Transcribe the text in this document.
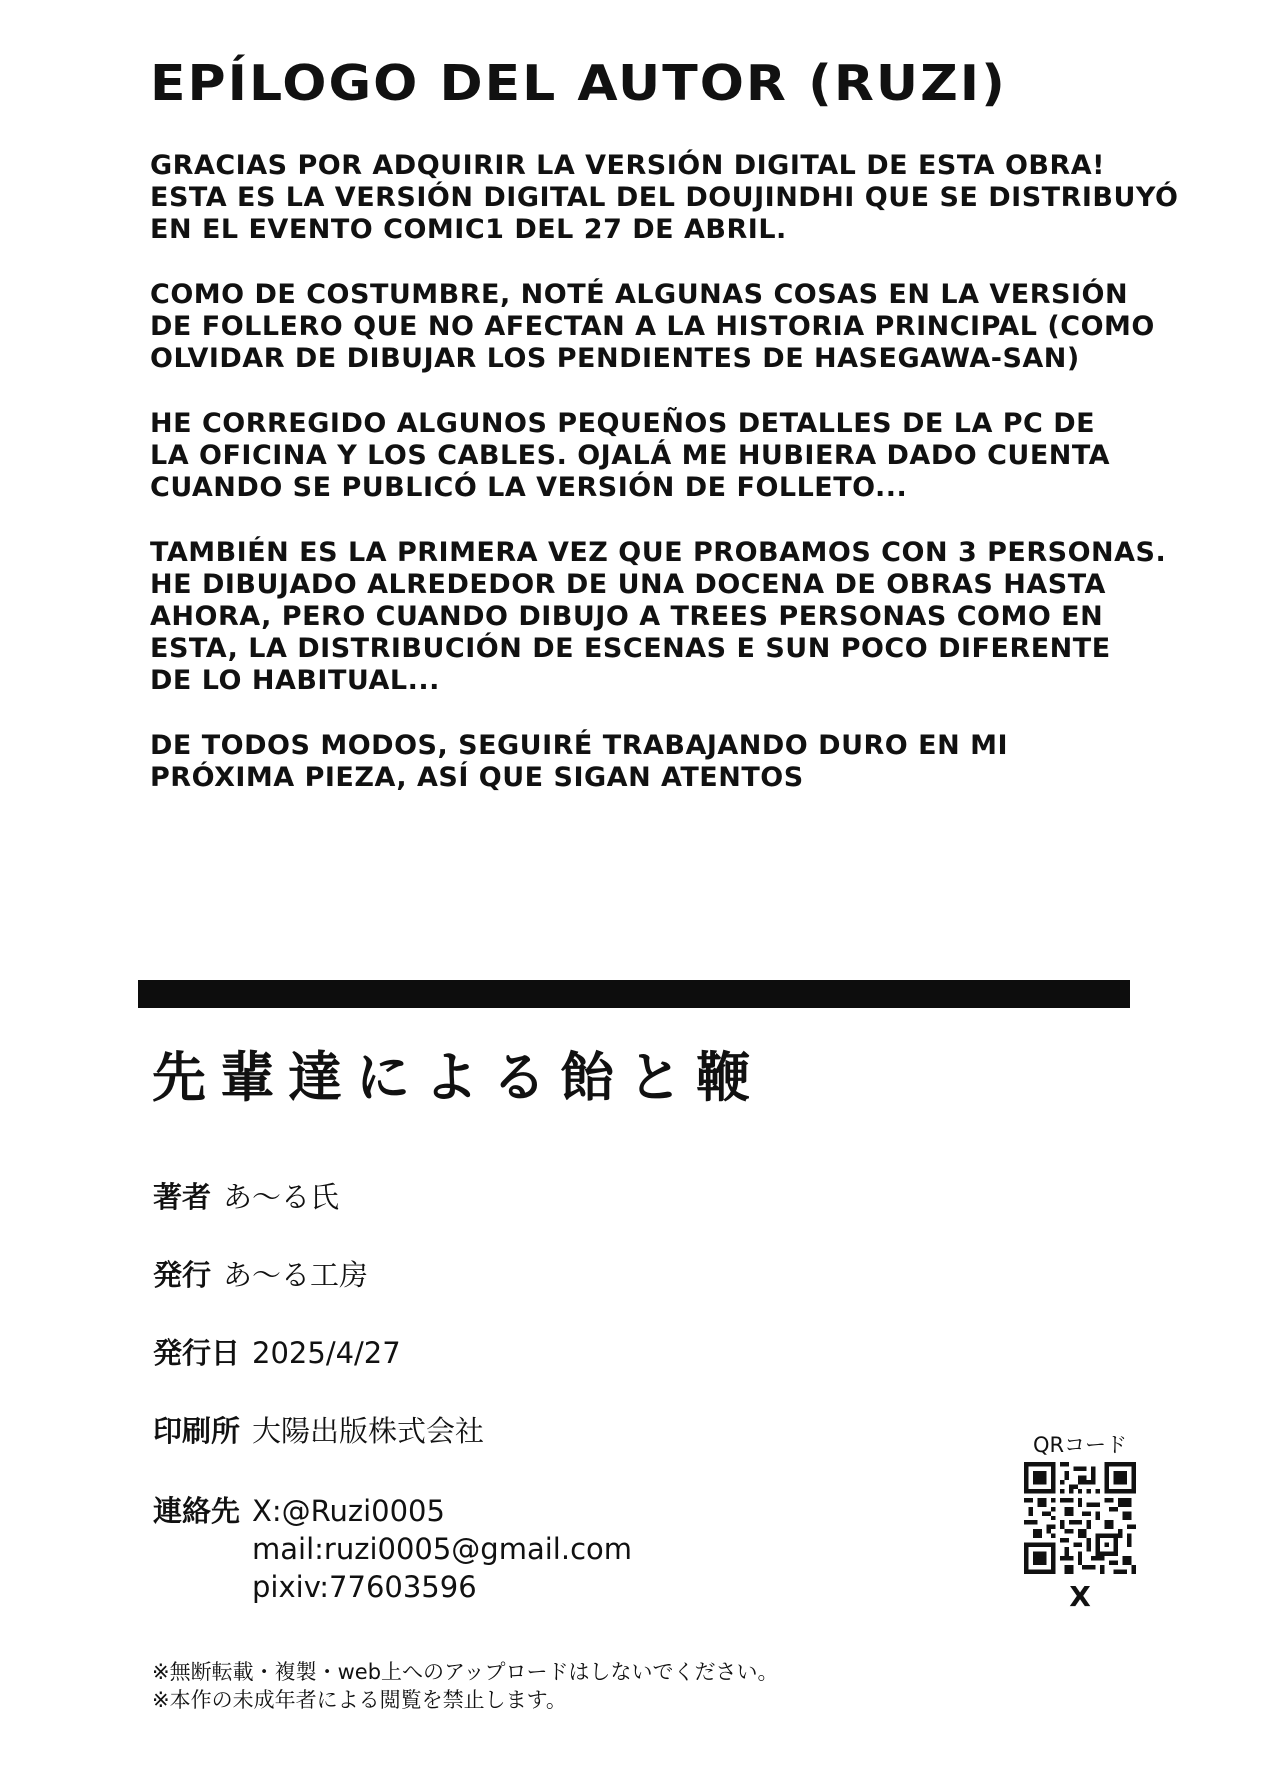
EPÍLOGO DEL AUTOR (RUZI)

GRACIAS POR ADQUIRIR LA VERSIÓN DIGITAL DE ESTA OBRA!
ESTA ES LA VERSIÓN DIGITAL DEL DOUJINDHI QUE SE DISTRIBUYÓ
EN EL EVENTO COMIC1 DEL 27 DE ABRIL.

COMO DE COSTUMBRE, NOTÉ ALGUNAS COSAS EN LA VERSIÓN
DE FOLLERO QUE NO AFECTAN A LA HISTORIA PRINCIPAL (COMO
OLVIDAR DE DIBUJAR LOS PENDIENTES DE HASEGAWA-SAN)

HE CORREGIDO ALGUNOS PEQUEÑOS DETALLES DE LA PC DE
LA OFICINA Y LOS CABLES. OJALÁ ME HUBIERA DADO CUENTA
CUANDO SE PUBLICÓ LA VERSIÓN DE FOLLETO...

TAMBIÉN ES LA PRIMERA VEZ QUE PROBAMOS CON 3 PERSONAS.
HE DIBUJADO ALREDEDOR DE UNA DOCENA DE OBRAS HASTA
AHORA, PERO CUANDO DIBUJO A TREES PERSONAS COMO EN
ESTA, LA DISTRIBUCIÓN DE ESCENAS E SUN POCO DIFERENTE
DE LO HABITUAL...

DE TODOS MODOS, SEGUIRÉ TRABAJANDO DURO EN MI
PRÓXIMA PIEZA, ASÍ QUE SIGAN ATENTOS

先輩達による飴と鞭
著者 あ〜る氏
発行 あ〜る工房
発行日 2025/4/27
印刷所 大陽出版株式会社
連絡先 X:@Ruzi0005
mail:ruzi0005@gmail.com
pixiv:77603596
QRコード
X
※無断転載・複製・web上へのアップロードはしないでください。
※本作の未成年者による閲覧を禁止します。
